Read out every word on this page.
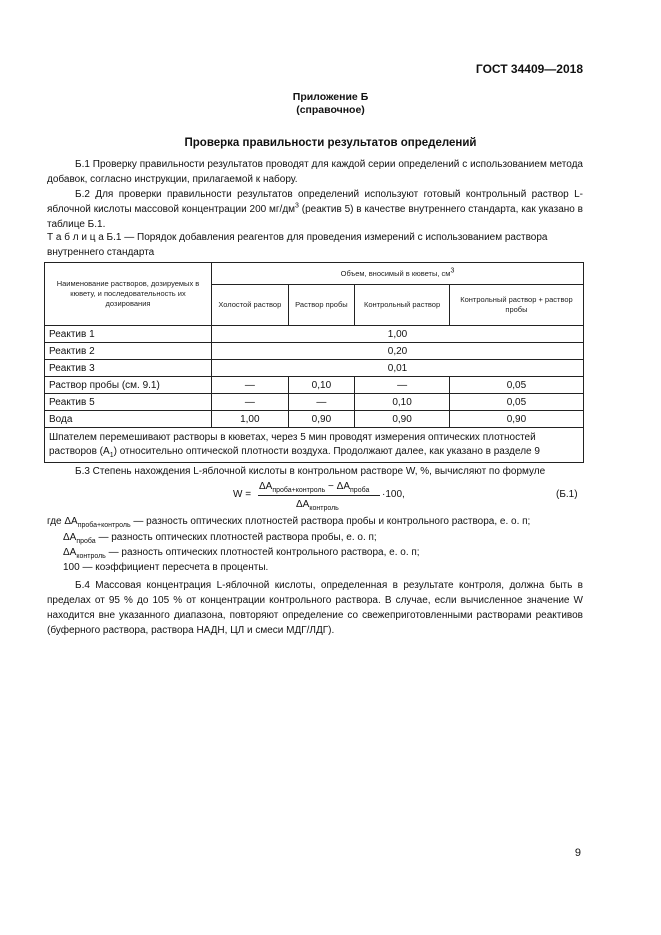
ГОСТ 34409—2018
Приложение Б
(справочное)
Проверка правильности результатов определений
Б.1 Проверку правильности результатов проводят для каждой серии определений с использованием метода добавок, согласно инструкции, прилагаемой к набору.
Б.2 Для проверки правильности результатов определений используют готовый контрольный раствор L-яблочной кислоты массовой концентрации 200 $мг/дм^3$ (реактив 5) в качестве внутреннего стандарта, как указано в таблице Б.1.
Т а б л и ц а Б.1 — Порядок добавления реагентов для проведения измерений с использованием раствора внутреннего стандарта
Наименование растворов, дозируемых в кювету, и последовательность их дозирования	Объем, вносимый в кюветы, $см^3$
	Холостой раствор	Раствор пробы	Контрольный раствор	Контрольный раствор + раствор пробы
Реактив 1	1,00			
Реактив 2	0,20			
Реактив 3	0,01			
Раствор пробы (см. 9.1)	—	0,10	—	0,05
Реактив 5	—	—	0,10	0,05
Вода	1,00	0,90	0,90	0,90
Шпателем перемешивают растворы в кюветах, через 5 мин проводят измерения оптических плотностей растворов $(A_1)$ относительно оптической плотности воздуха. Продолжают далее, как указано в разделе 9				
Б.3 Степень нахождения L-яблочной кислоты в контрольном растворе W, %, вычисляют по формуле
W =
$\Delta A_{проба+контроль} - \Delta A_{проба}$
$\Delta A_{контроль}$
·100,	(Б.1)
где $\Delta A_{проба+контроль}$ — разность оптических плотностей раствора пробы и контрольного раствора, е. о. п;
$\Delta A_{проба}$ — разность оптических плотностей раствора пробы, е. о. п;
$\Delta A_{контроль}$ — разность оптических плотностей контрольного раствора, е. о. п;
100 — коэффициент пересчета в проценты.
Б.4 Массовая концентрация L-яблочной кислоты, определенная в результате контроля, должна быть в пределах от 95 % до 105 % от концентрации контрольного раствора. В случае, если вычисленное значение W находится вне указанного диапазона, повторяют определение со свежеприготовленными растворами реактивов (буферного раствора, раствора НАДН, ЦЛ и смеси МДГ/ЛДГ).
9
